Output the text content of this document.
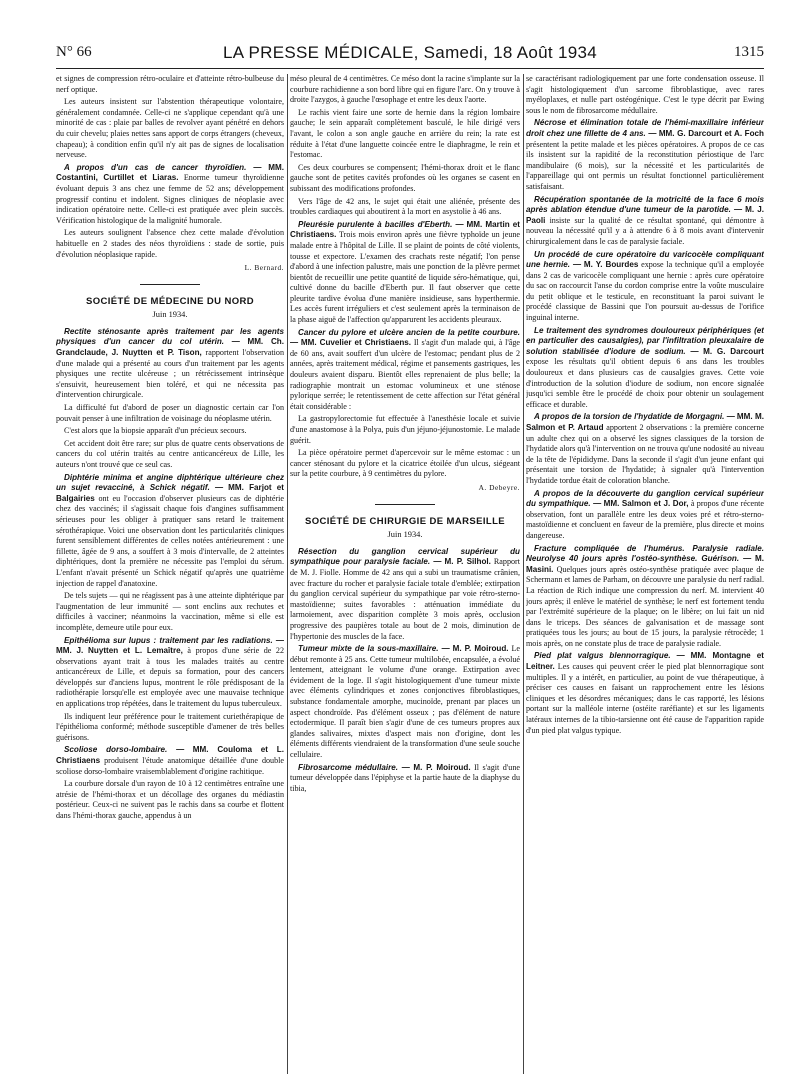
N° 66	LA PRESSE MÉDICALE, Samedi, 18 Août 1934	1315

et signes de compression rétro-oculaire et d'atteinte rétro-bulbeuse du nerf optique.

Les auteurs insistent sur l'abstention thérapeutique volontaire, généralement condamnée. Celle-ci ne s'applique cependant qu'à une minorité de cas : plaie par balles de revolver ayant pénétré en dehors du cuir chevelu; plaies nettes sans apport de corps étrangers (cheveux, chapeau); à condition enfin qu'il n'y ait pas de signes de localisation nerveuse.

A propos d'un cas de cancer thyroïdien. — MM. Costantini, Curtillet et Liaras. Enorme tumeur thyroïdienne évoluant depuis 3 ans chez une femme de 52 ans; développement progressif continu et indolent. Signes cliniques de néoplasie avec indication opératoire nette. Celle-ci est pratiquée avec plein succès. Vérification histologique de la malignité humorale.

Les auteurs soulignent l'absence chez cette malade d'évolution habituelle en 2 stades des néos thyroïdiens : stade de sortie, puis d'évolution néoplasique rapide.

L. Bernard.

SOCIÉTÉ DE MÉDECINE DU NORD
Juin 1934.

Rectite sténosante après traitement par les agents physiques d'un cancer du col utérin. — MM. Ch. Grandclaude, J. Nuytten et P. Tison, rapportent l'observation d'une malade qui a présenté au cours d'un traitement par les agents physiques une rectite ulcéreuse ; un rétrécissement intrinsèque s'ensuivit, heureusement bien toléré, et qui ne nécessita pas d'intervention chirurgicale.

La difficulté fut d'abord de poser un diagnostic certain car l'on pouvait penser à une infiltration de voisinage du néoplasme utérin.

C'est alors que la biopsie apparaît d'un précieux secours.

Cet accident doit être rare; sur plus de quatre cents observations de cancers du col utérin traités au centre anticancéreux de Lille, les auteurs n'ont trouvé que ce seul cas.

Diphtérie minima et angine diphtérique ultérieure chez un sujet revacciné, à Schick négatif. — MM. Farjot et Balgairies ont eu l'occasion d'observer plusieurs cas de diphtérie chez des vaccinés; il s'agissait chaque fois d'angines suffisamment sérieuses pour les obliger à pratiquer sans retard le traitement sérothérapique. Voici une observation dont les particularités cliniques furent sensiblement différentes de celles notées antérieurement : une fillette, âgée de 9 ans, a souffert à 3 mois d'intervalle, de 2 atteintes diphtériques, dont la première ne nécessite pas l'emploi du sérum. L'enfant n'avait présenté un Schick négatif qu'après une quatrième injection de rappel d'anatoxine.

De tels sujets — qui ne réagissent pas à une atteinte diphtérique par l'augmentation de leur immunité — sont enclins aux rechutes et difficiles à vacciner; néanmoins la vaccination, même si elle est incomplète, demeure utile pour eux.

Epithélioma sur lupus : traitement par les radiations. — MM. J. Nuytten et L. Lemaître, à propos d'une série de 22 observations ayant trait à tous les malades traités au centre anticancéreux de Lille, et depuis sa formation, pour des cancers développés sur d'anciens lupus, montrent le rôle prédisposant de la radiothérapie lorsqu'elle est employée avec une mauvaise technique en applications trop répétées, dans le traitement du lupus tuberculeux.

Ils indiquent leur préférence pour le traitement curiethérapique de l'épithélioma conformé; méthode susceptible d'amener de très belles guérisons.

Scoliose dorso-lombaire. — MM. Couloma et L. Christiaens produisent l'étude anatomique détaillée d'une double scoliose dorso-lombaire vraisemblablement d'origine rachitique.

La courbure dorsale d'un rayon de 10 à 12 centimètres entraîne une atrésie de l'hémi-thorax et un décollage des organes du médiastin postérieur. Ceux-ci ne suivent pas le rachis dans sa courbe et flottent dans l'hémi-thorax gauche, appendus à un

méso pleural de 4 centimètres. Ce méso dont la racine s'implante sur la courbure rachidienne a son bord libre qui en figure l'arc. On y trouve à droite l'azygos, à gauche l'œsophage et entre les deux l'aorte.

Le rachis vient faire une sorte de hernie dans la région lombaire gauche; le sein apparaît complètement basculé, le hile dirigé vers l'avant, le colon a son angle gauche en arrière du rein; la rate est réduite à l'état d'une languette coincée entre le diaphragme, le rein et l'estomac.

Ces deux courbures se compensent; l'hémi-thorax droit et le flanc gauche sont de petites cavités profondes où les organes se casent en subissant des modifications profondes.

Vers l'âge de 42 ans, le sujet qui était une aliénée, présente des troubles cardiaques qui aboutirent à la mort en asystolie à 46 ans.

Pleurésie purulente à bacilles d'Eberth. — MM. Martin et Christiaens. Trois mois environ après une fièvre typhoïde un jeune malade entre à l'hôpital de Lille. Il se plaint de points de côté violents, tousse et expectore. L'examen des crachats reste négatif; l'on pense d'abord à une infection palustre, mais une ponction de la plèvre permet bientôt de recueillir une petite quantité de liquide séro-hématique, qui, cultivé donne du bacille d'Eberth pur. Il faut observer que cette pleurite tardive évolua d'une manière insidieuse, sans hyperthermie. Les accès furent irréguliers et c'est seulement après la terminaison de la phase aiguë de l'affection qu'apparurent les accidents pleuraux.

Cancer du pylore et ulcère ancien de la petite courbure. — MM. Cuvelier et Christiaens. Il s'agit d'un malade qui, à l'âge de 60 ans, avait souffert d'un ulcère de l'estomac; pendant plus de 2 années, après traitement médical, régime et pansements gastriques, les douleurs avaient disparu. Bientôt elles reprenaient de plus belle; la radiographie montrait un estomac volumineux et une sténose pylorique serrée; le retentissement de cette affection sur l'état général était considérable :

La gastropylorectomie fut effectuée à l'anesthésie locale et suivie d'une anastomose à la Polya, puis d'un jéjuno-jéjunostomie. Le malade guérit.

La pièce opératoire permet d'apercevoir sur le même estomac : un cancer sténosant du pylore et la cicatrice étoilée d'un ulcus, siégeant sur la petite courbure, à 9 centimètres du pylore.

A. Debeyre.

SOCIÉTÉ DE CHIRURGIE DE MARSEILLE
Juin 1934.

Résection du ganglion cervical supérieur du sympathique pour paralysie faciale. — M. P. Silhol. Rapport de M. J. Fiolle. Homme de 42 ans qui a subi un traumatisme crânien, avec fracture du rocher et paralysie faciale totale d'emblée; extirpation du ganglion cervical supérieur du sympathique par voie rétro-sterno-mastoïdienne; suites favorables : atténuation immédiate du larmoiement, avec disparition complète 3 mois après, occlusion progressive des paupières totale au bout de 2 mois, diminution de l'hypertonie des muscles de la face.

Tumeur mixte de la sous-maxillaire. — M. P. Moiroud. Le début remonte à 25 ans. Cette tumeur multilobée, encapsulée, a évolué lentement, atteignant le volume d'une orange. Extirpation avec évidement de la loge. Il s'agit histologiquement d'une tumeur mixte avec éléments cylindriques et zones conjonctives fibroblastiques, substance fondamentale amorphe, mucinoïde, prenant par places un aspect chondroïde. Pas d'élément osseux ; pas d'élément de nature ectodermique. Il paraît bien s'agir d'une de ces tumeurs propres aux glandes salivaires, mixtes d'aspect mais non d'origine, dont les éléments différents viendraient de la transformation d'une seule souche cellulaire.

Fibrosarcome médullaire. — M. P. Moiroud. Il s'agit d'une tumeur développée dans l'épiphyse et la partie haute de la diaphyse du tibia,

se caractérisant radiologiquement par une forte condensation osseuse. Il s'agit histologiquement d'un sarcome fibroblastique, avec rares myéloplaxes, et nulle part ostéogénique. C'est le type décrit par Ewing sous le nom de fibrosarcome médullaire.

Nécrose et élimination totale de l'hémi-maxillaire inférieur droit chez une fillette de 4 ans. — MM. G. Darcourt et A. Foch présentent la petite malade et les pièces opératoires. A propos de ce cas ils insistent sur la rapidité de la reconstitution périostique de l'arc mandibulaire (6 mois), sur la nécessité et les particularités de l'appareillage qui ont permis un résultat fonctionnel particulièrement satisfaisant.

Récupération spontanée de la motricité de la face 6 mois après ablation étendue d'une tumeur de la parotide. — M. J. Paoli insiste sur la qualité de ce résultat spontané, qui démontre à nouveau la nécessité qu'il y a à attendre 6 à 8 mois avant d'intervenir chirurgicalement dans le cas de paralysie faciale.

Un procédé de cure opératoire du varicocèle compliquant une hernie. — M. Y. Bourdes expose la technique qu'il a employée dans 2 cas de varicocèle compliquant une hernie : après cure opératoire du sac on raccourcit l'anse du cordon comprise entre la voûte musculaire du petit oblique et le testicule, en reconstituant la paroi suivant le procédé classique de Bassini que l'on poursuit au-dessus de l'orifice inguinal interne.

Le traitement des syndromes douloureux périphériques (et en particulier des causalgies), par l'infiltration pleuxalaire de solution stabilisée d'iodure de sodium. — M. G. Darcourt expose les résultats qu'il obtient depuis 6 ans dans les troubles douloureux et dans plusieurs cas de causalgies graves. Cette voie d'introduction de la solution d'iodure de sodium, non encore signalée jusqu'ici semble être le procédé de choix pour obtenir un soulagement efficace et durable.

A propos de la torsion de l'hydatide de Morgagni. — MM. M. Salmon et P. Artaud apportent 2 observations : la première concerne un adulte chez qui on a observé les signes classiques de la torsion de l'hydatide alors qu'à l'intervention on ne trouva qu'une nodosité au niveau de la tête de l'épididyme. Dans la seconde il s'agit d'un jeune enfant qui présentait une torsion de l'hydatide; à signaler qu'à l'intervention l'hydatide tordue était de coloration blanche.

A propos de la découverte du ganglion cervical supérieur du sympathique. — MM. Salmon et J. Dor, à propos d'une récente observation, font un parallèle entre les deux voies pré et rétro-sterno-mastoïdienne et concluent en faveur de la première, plus directe et moins dangereuse.

Fracture compliquée de l'humérus. Paralysie radiale. Neurolyse 40 jours après l'ostéo-synthèse. Guérison. — M. Masini. Quelques jours après ostéo-synthèse pratiquée avec plaque de Schermann et lames de Parham, on découvre une paralysie du nerf radial. La réaction de Rich indique une compression du nerf. M. intervient 40 jours après; il enlève le matériel de synthèse; le nerf est fortement tendu par l'extrémité supérieure de la plaque; on le libère; on lui fait un nid dans le triceps. Des séances de galvanisation et de massage sont pratiquées tous les jours; au bout de 15 jours, la paralysie rétrocède; 1 mois après, on ne constate plus de trace de paralysie radiale.

Pied plat valgus blennorragique. — MM. Montagne et Leitner. Les causes qui peuvent créer le pied plat blennorragique sont multiples. Il y a intérêt, en particulier, au point de vue thérapeutique, à préciser ces causes en faisant un rapprochement entre les lésions cliniques et les désordres mécaniques; dans le cas rapporté, les lésions portant sur la malléole interne (ostéite raréfiante) et sur les ligaments latéraux internes de la tibio-tarsienne ont été cause de l'apparition rapide d'un pied plat valgus typique.
